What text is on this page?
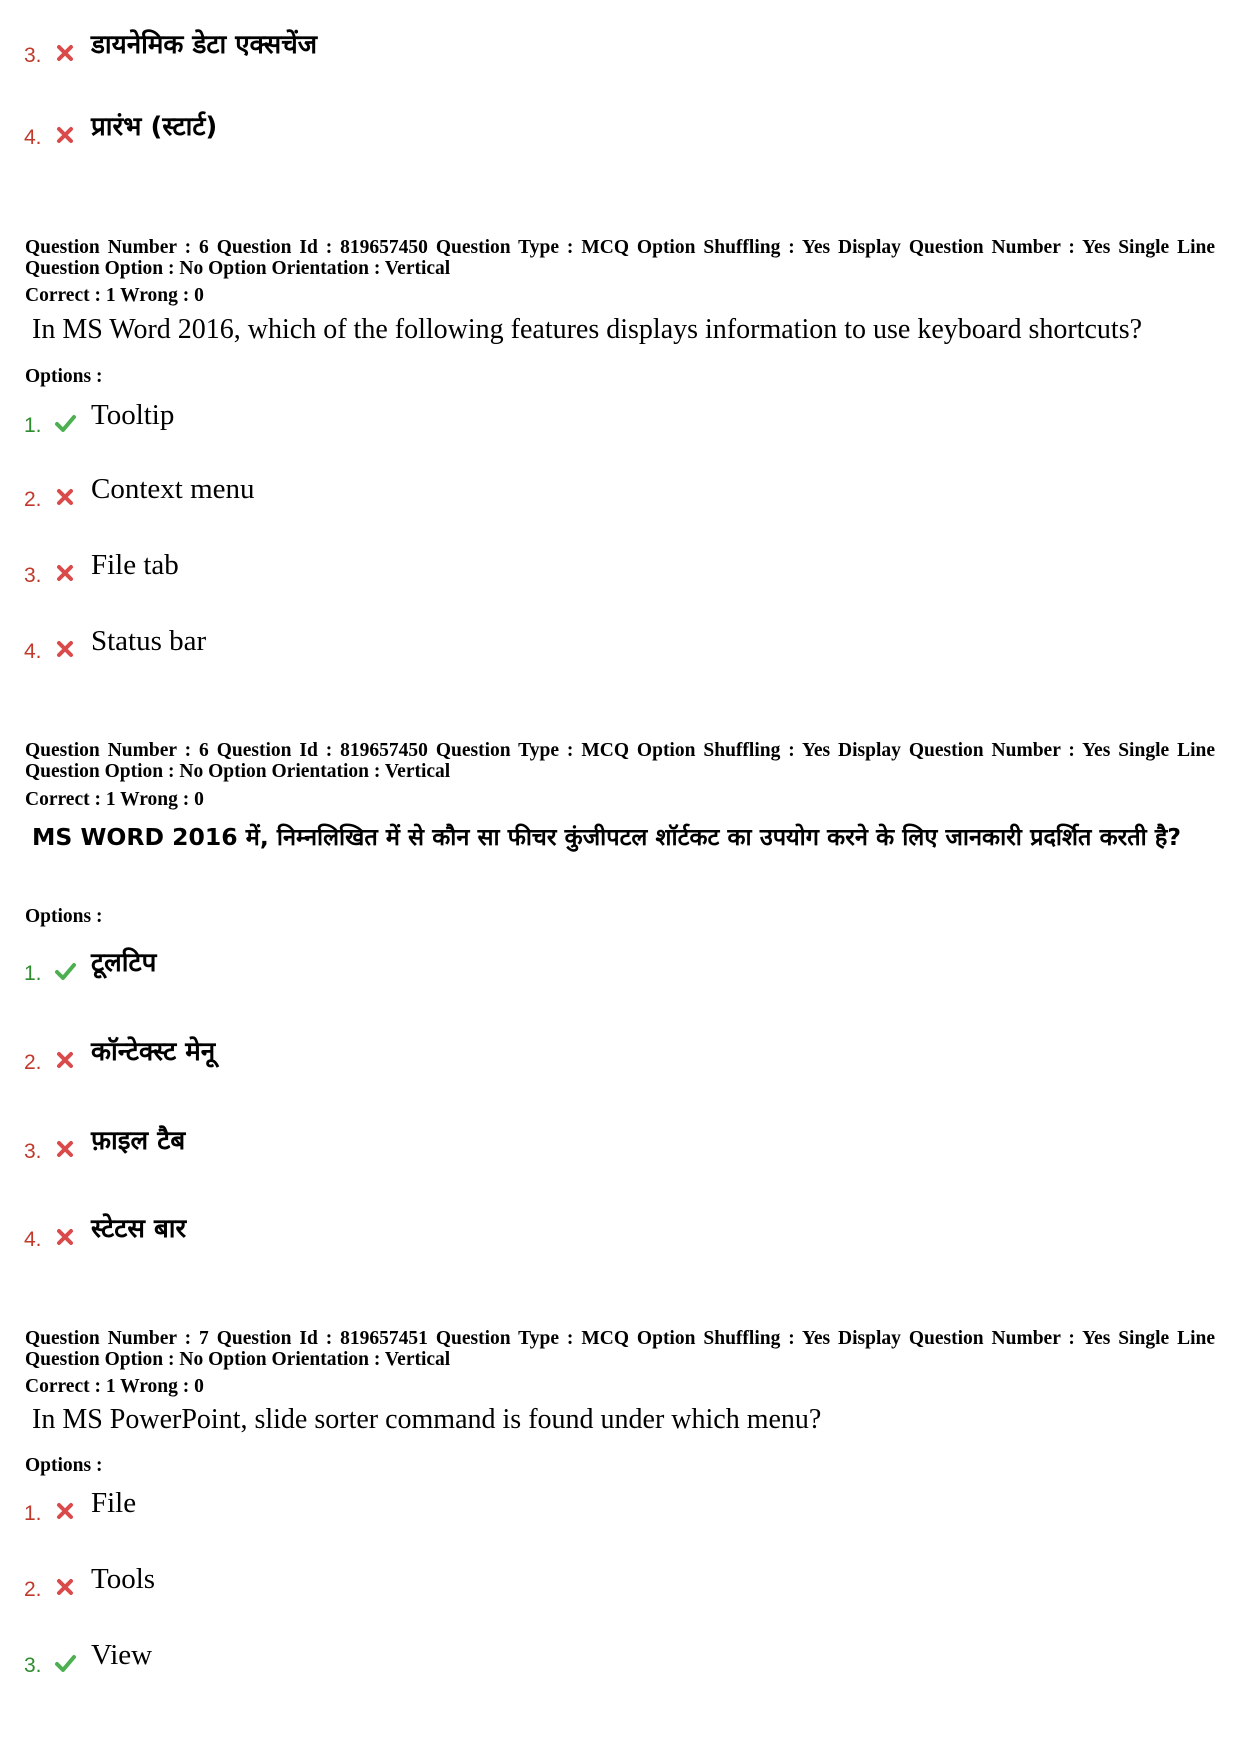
3. डायनेमिक डेटा एक्सचेंज
4. प्रारंभ (स्टार्ट)
Question Number : 6 Question Id : 819657450 Question Type : MCQ Option Shuffling : Yes Display Question Number : Yes Single Line Question Option : No Option Orientation : Vertical
Correct : 1 Wrong : 0
In MS Word 2016, which of the following features displays information to use keyboard shortcuts?
Options :
1. Tooltip
2. Context menu
3. File tab
4. Status bar
Question Number : 6 Question Id : 819657450 Question Type : MCQ Option Shuffling : Yes Display Question Number : Yes Single Line Question Option : No Option Orientation : Vertical
Correct : 1 Wrong : 0
MS WORD 2016 में, निम्नलिखित में से कौन सा फीचर कुंजीपटल शॉर्टकट का उपयोग करने के लिए जानकारी प्रदर्शित करती है?
Options :
1. टूलटिप
2. कॉन्टेक्स्ट मेनू
3. फ़ाइल टैब
4. स्टेटस बार
Question Number : 7 Question Id : 819657451 Question Type : MCQ Option Shuffling : Yes Display Question Number : Yes Single Line Question Option : No Option Orientation : Vertical
Correct : 1 Wrong : 0
In MS PowerPoint, slide sorter command is found under which menu?
Options :
1. File
2. Tools
3. View
